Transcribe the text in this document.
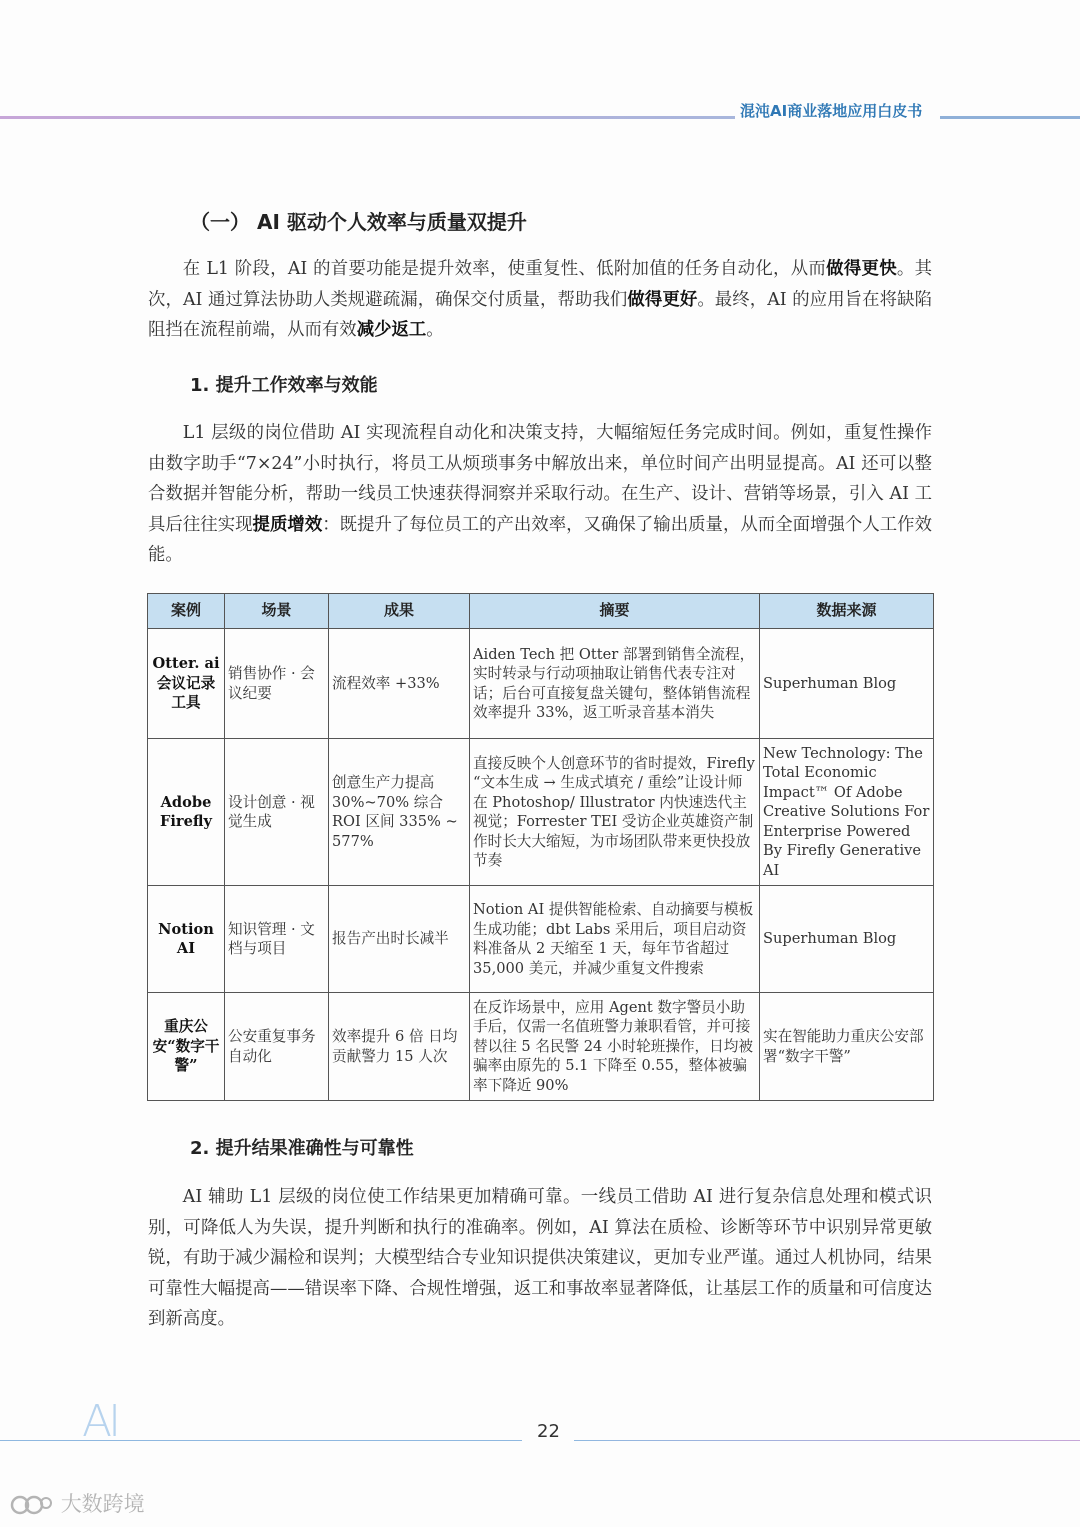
混沌AI商业落地应用白皮书
（一） AI 驱动个人效率与质量双提升

在 L1 阶段，AI 的首要功能是提升效率，使重复性、低附加值的任务自动化，从而做得更快。其次，AI 通过算法协助人类规避疏漏，确保交付质量，帮助我们做得更好。最终，AI 的应用旨在将缺陷阻挡在流程前端，从而有效减少返工。

1. 提升工作效率与效能

L1 层级的岗位借助 AI 实现流程自动化和决策支持，大幅缩短任务完成时间。例如，重复性操作由数字助手“7×24”小时执行，将员工从烦琐事务中解放出来，单位时间产出明显提高。AI 还可以整合数据并智能分析，帮助一线员工快速获得洞察并采取行动。在生产、设计、营销等场景，引入 AI 工具后往往实现提质增效：既提升了每位员工的产出效率，又确保了输出质量，从而全面增强个人工作效能。

案例	场景	成果	摘要	数据来源
Otter. ai 会议记录工具	销售协作 · 会议纪要	流程效率 +33%	Aiden Tech 把 Otter 部署到销售全流程，实时转录与行动项抽取让销售代表专注对话；后台可直接复盘关键句，整体销售流程效率提升 33%，返工听录音基本消失	Superhuman Blog
Adobe Firefly	设计创意 · 视觉生成	创意生产力提高 30%~70% 综合 ROI 区间 335% ~ 577%	直接反映个人创意环节的省时提效，Firefly “文本生成 → 生成式填充 / 重绘”让设计师在 Photoshop/ Illustrator 内快速迭代主视觉；Forrester TEI 受访企业英雄资产制作时长大大缩短，为市场团队带来更快投放节奏	New Technology: The Total Economic Impact™ Of Adobe Creative Solutions For Enterprise Powered By Firefly Generative AI
Notion AI	知识管理 · 文档与项目	报告产出时长减半	Notion AI 提供智能检索、自动摘要与模板生成功能；dbt Labs 采用后，项目启动资料准备从 2 天缩至 1 天，每年节省超过 35,000 美元，并减少重复文件搜索	Superhuman Blog
重庆公安“数字干警”	公安重复事务自动化	效率提升 6 倍 日均贡献警力 15 人次	在反诈场景中，应用 Agent 数字警员小助手后，仅需一名值班警力兼职看管，并可接替以往 5 名民警 24 小时轮班操作，日均被骗率由原先的 5.1 下降至 0.55，整体被骗率下降近 90%	实在智能助力重庆公安部署“数字干警”
2. 提升结果准确性与可靠性

AI 辅助 L1 层级的岗位使工作结果更加精确可靠。一线员工借助 AI 进行复杂信息处理和模式识别，可降低人为失误，提升判断和执行的准确率。例如，AI 算法在质检、诊断等环节中识别异常更敏锐，有助于减少漏检和误判；大模型结合专业知识提供决策建议，更加专业严谨。通过人机协同，结果可靠性大幅提高——错误率下降、合规性增强，返工和事故率显著降低，让基层工作的质量和可信度达到新高度。

AI	22
大数跨境
